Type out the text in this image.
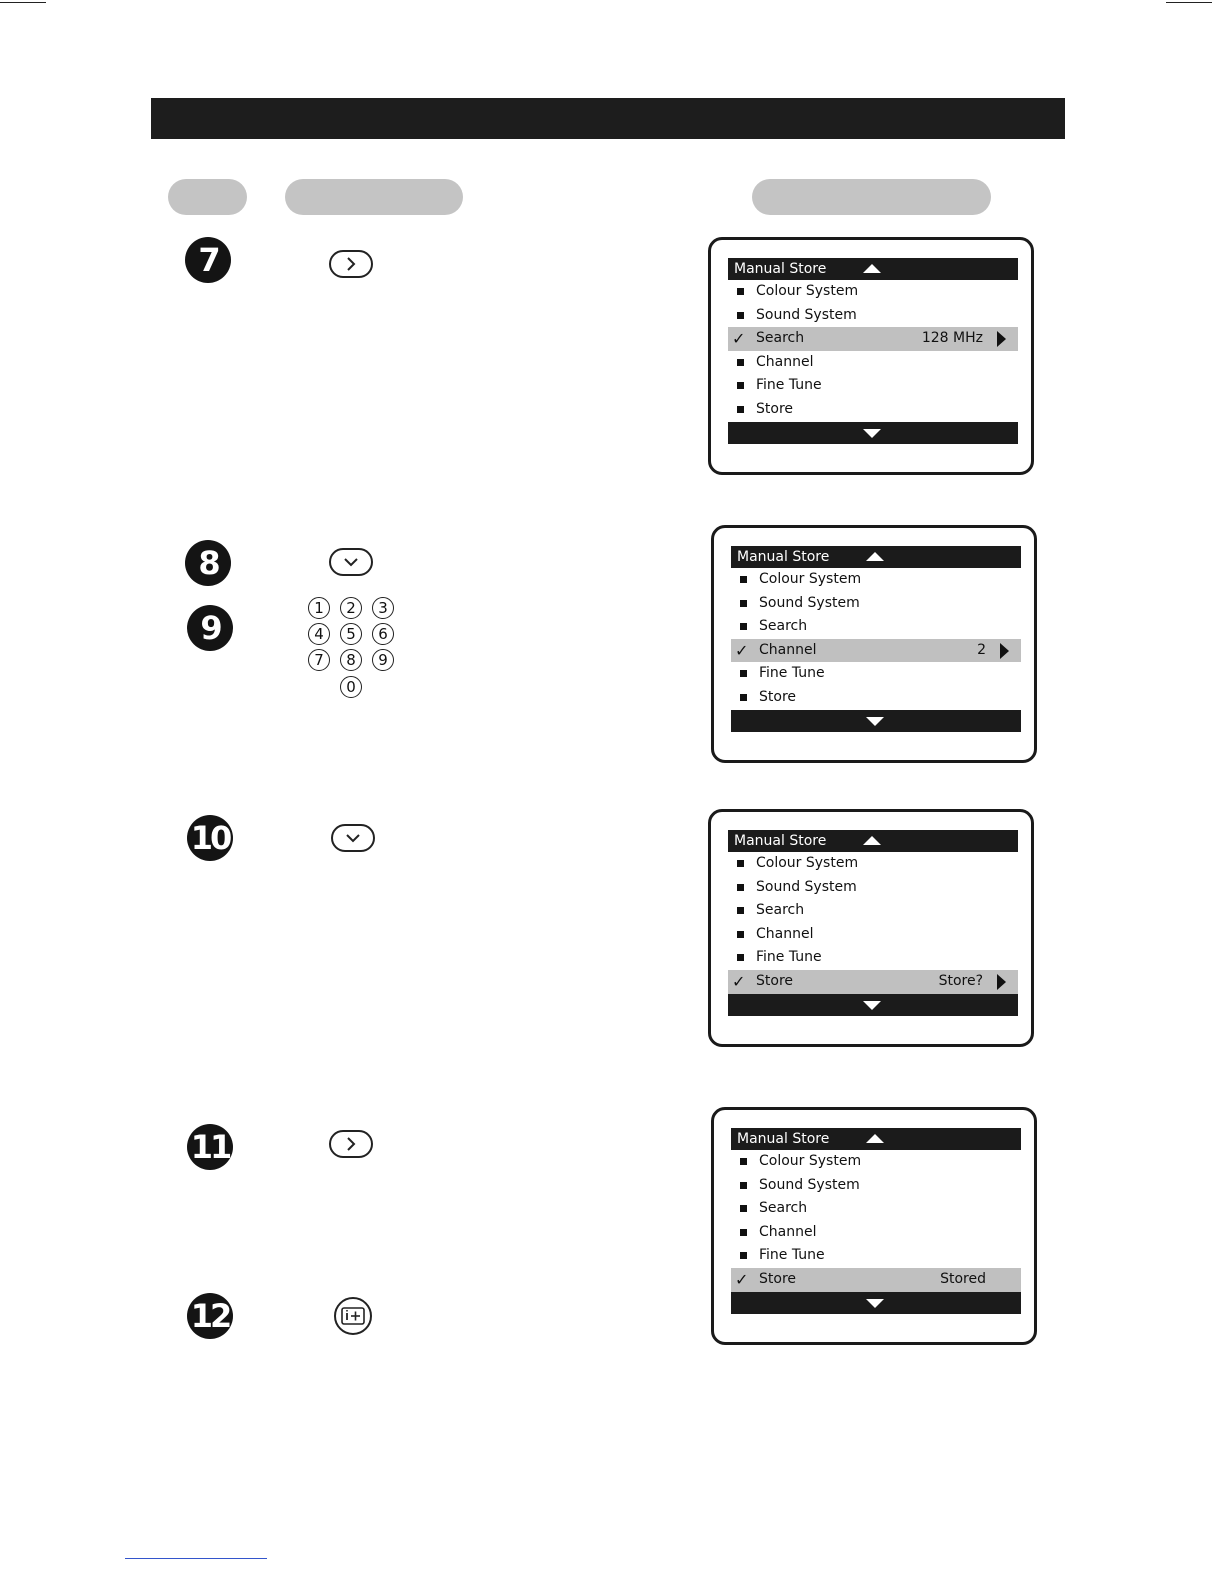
7
8
9
10
11
12
1	2	3
4	5	6
7	8	9
0
Manual Store
Colour System
Sound System
✓ Search	128 MHz
Channel
Fine Tune
Store
Manual Store
Colour System
Sound System
Search
✓ Channel	2
Fine Tune
Store
Manual Store
Colour System
Sound System
Search
Channel
Fine Tune
✓ Store	Store?
Manual Store
Colour System
Sound System
Search
Channel
Fine Tune
✓ Store	Stored
